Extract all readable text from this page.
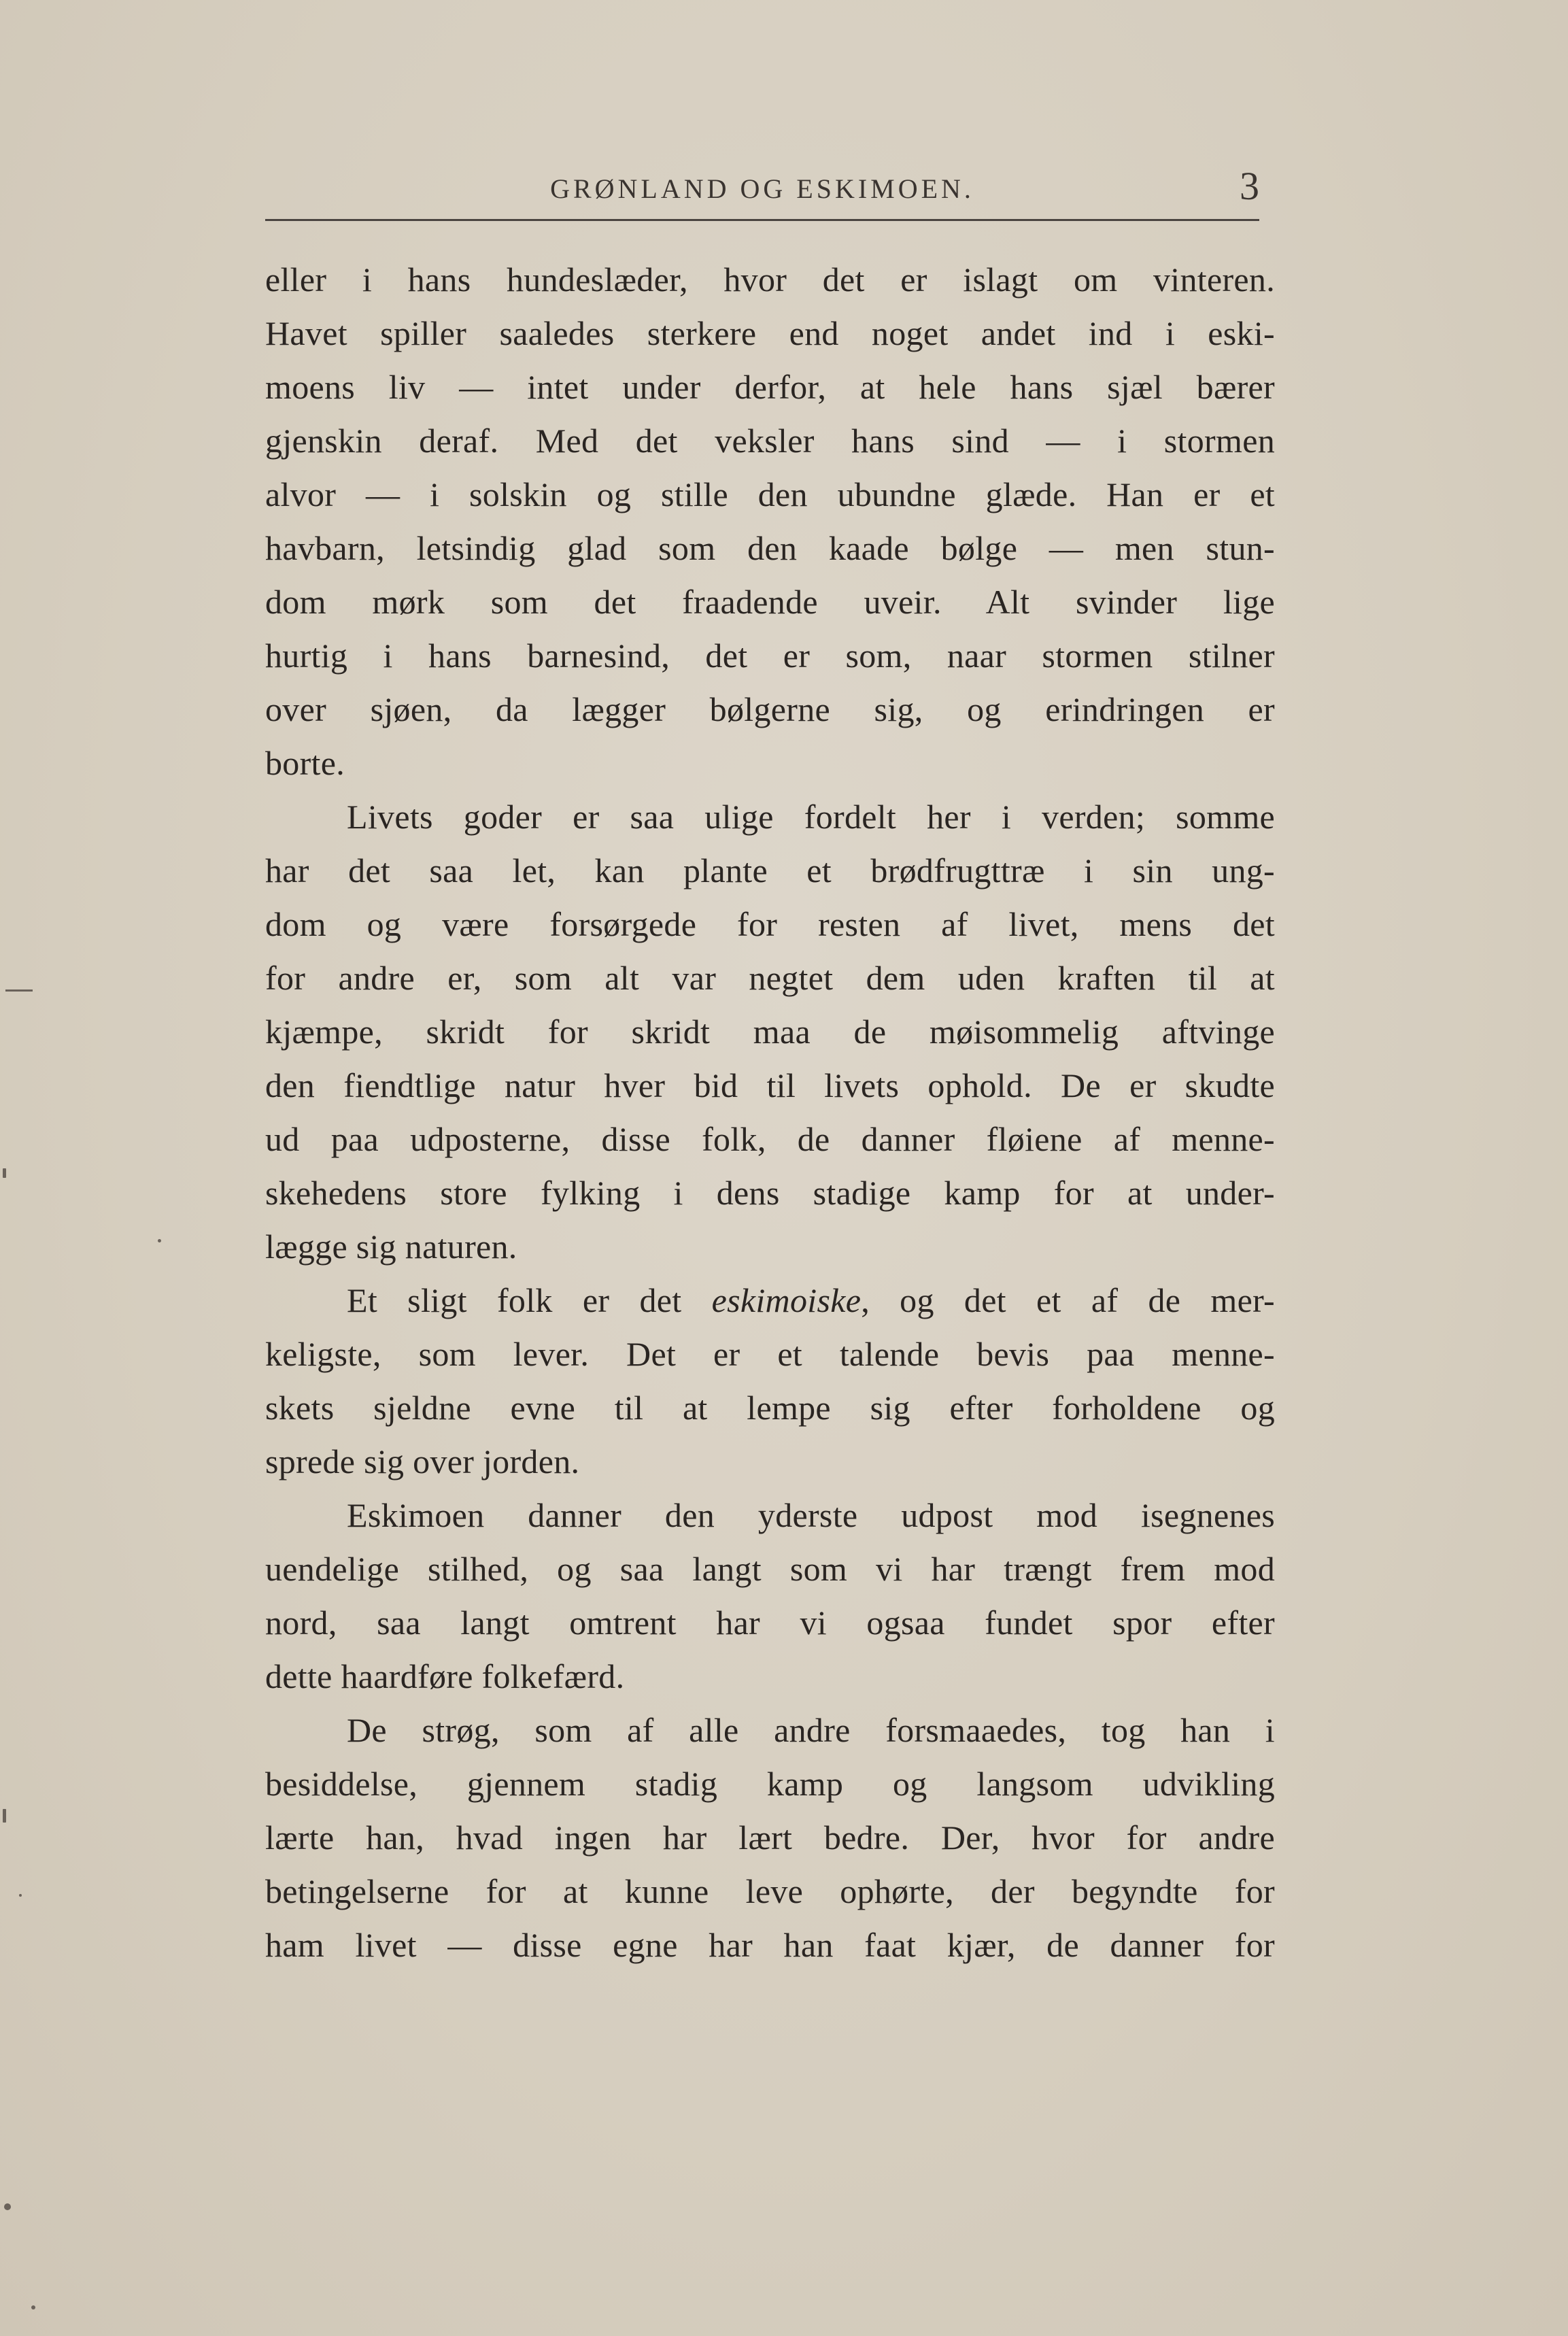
GRØNLAND OG ESKIMOEN.	3
eller i hans hundeslæder, hvor det er islagt om vinteren.
Havet spiller saaledes sterkere end noget andet ind i eski-
moens liv — intet under derfor, at hele hans sjæl bærer
gjenskin deraf. Med det veksler hans sind — i stormen
alvor — i solskin og stille den ubundne glæde. Han er et
havbarn, letsindig glad som den kaade bølge — men stun-
dom mørk som det fraadende uveir. Alt svinder lige
hurtig i hans barnesind, det er som, naar stormen stilner
over sjøen, da lægger bølgerne sig, og erindringen er
borte.
Livets goder er saa ulige fordelt her i verden; somme
har det saa let, kan plante et brødfrugttræ i sin ung-
dom og være forsørgede for resten af livet, mens det
for andre er, som alt var negtet dem uden kraften til at
kjæmpe, skridt for skridt maa de møisommelig aftvinge
den fiendtlige natur hver bid til livets ophold. De er skudte
ud paa udposterne, disse folk, de danner fløiene af menne-
skehedens store fylking i dens stadige kamp for at under-
lægge sig naturen.
Et sligt folk er det eskimoiske, og det et af de mer-
keligste, som lever. Det er et talende bevis paa menne-
skets sjeldne evne til at lempe sig efter forholdene og
sprede sig over jorden.
Eskimoen danner den yderste udpost mod isegnenes
uendelige stilhed, og saa langt som vi har trængt frem mod
nord, saa langt omtrent har vi ogsaa fundet spor efter
dette haardføre folkefærd.
De strøg, som af alle andre forsmaaedes, tog han i
besiddelse, gjennem stadig kamp og langsom udvikling
lærte han, hvad ingen har lært bedre. Der, hvor for andre
betingelserne for at kunne leve ophørte, der begyndte for
ham livet — disse egne har han faat kjær, de danner for
